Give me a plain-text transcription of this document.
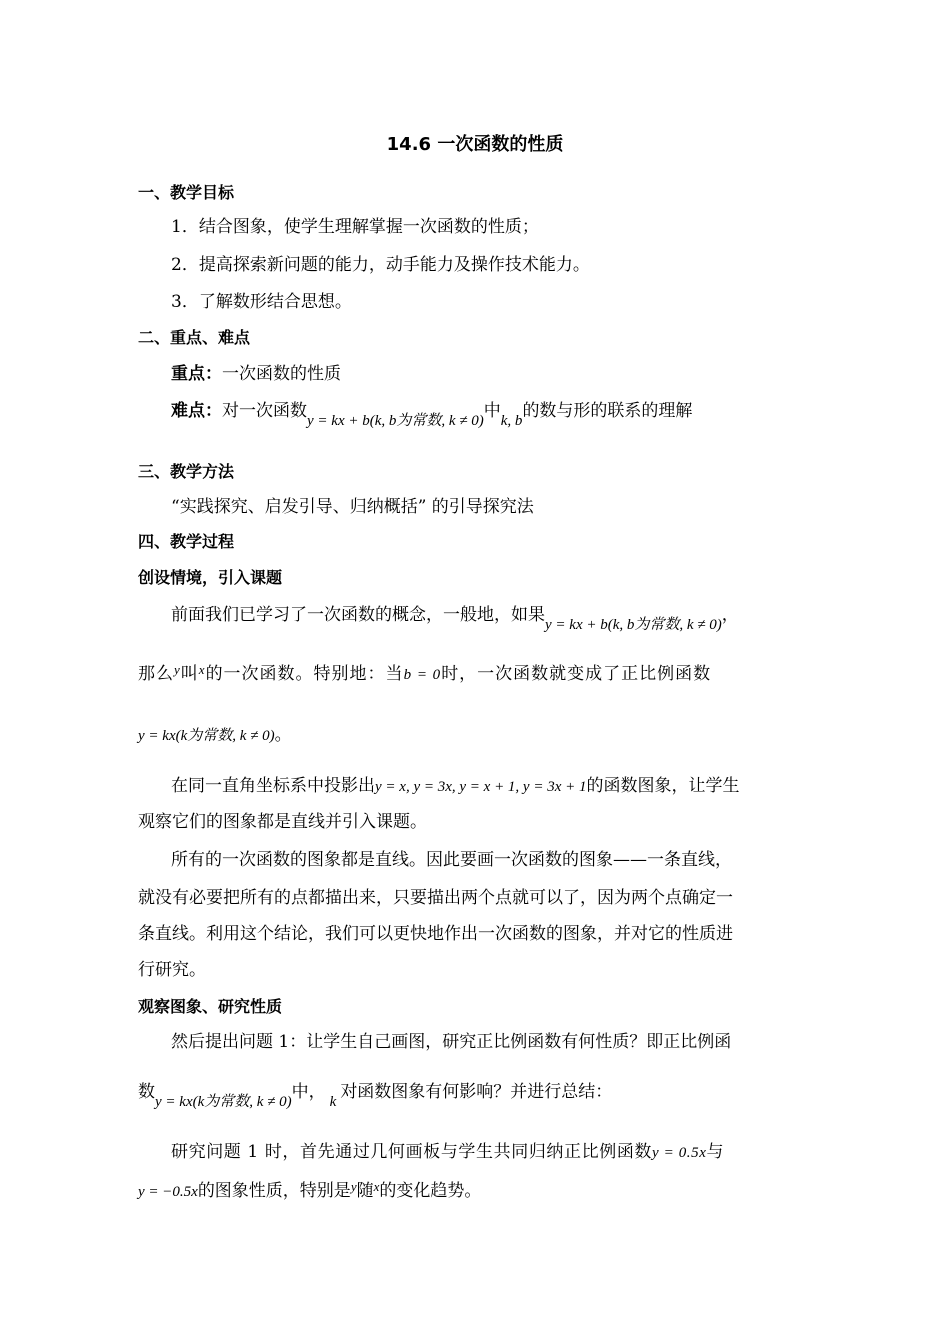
14.6 一次函数的性质
一、教学目标
1．结合图象，使学生理解掌握一次函数的性质；
2．提高探索新问题的能力，动手能力及操作技术能力。
3．了解数形结合思想。
二、重点、难点
重点：一次函数的性质
难点：对一次函数y = kx + b(k, b为常数, k ≠ 0)中k, b的数与形的联系的理解
三、教学方法
“实践探究、启发引导、归纳概括” 的引导探究法
四、教学过程
创设情境，引入课题
前面我们已学习了一次函数的概念，一般地，如果y = kx + b(k, b为常数, k ≠ 0)，
那么$^y$叫$^x$的一次函数。特别地：当b = 0时，一次函数就变成了正比例函数
y = kx(k为常数, k ≠ 0)。
在同一直角坐标系中投影出y = x, y = 3x, y = x + 1, y = 3x + 1的函数图象，让学生
观察它们的图象都是直线并引入课题。
所有的一次函数的图象都是直线。因此要画一次函数的图象——一条直线，
就没有必要把所有的点都描出来，只要描出两个点就可以了，因为两个点确定一
条直线。利用这个结论，我们可以更快地作出一次函数的图象，并对它的性质进
行研究。
观察图象、研究性质
然后提出问题 1：让学生自己画图，研究正比例函数有何性质？即正比例函
数y = kx(k为常数, k ≠ 0)中， k 对函数图象有何影响？并进行总结：
研究问题 1 时，首先通过几何画板与学生共同归纳正比例函数y = 0.5x与
y = −0.5x的图象性质，特别是$^y$随$^x$的变化趋势。
